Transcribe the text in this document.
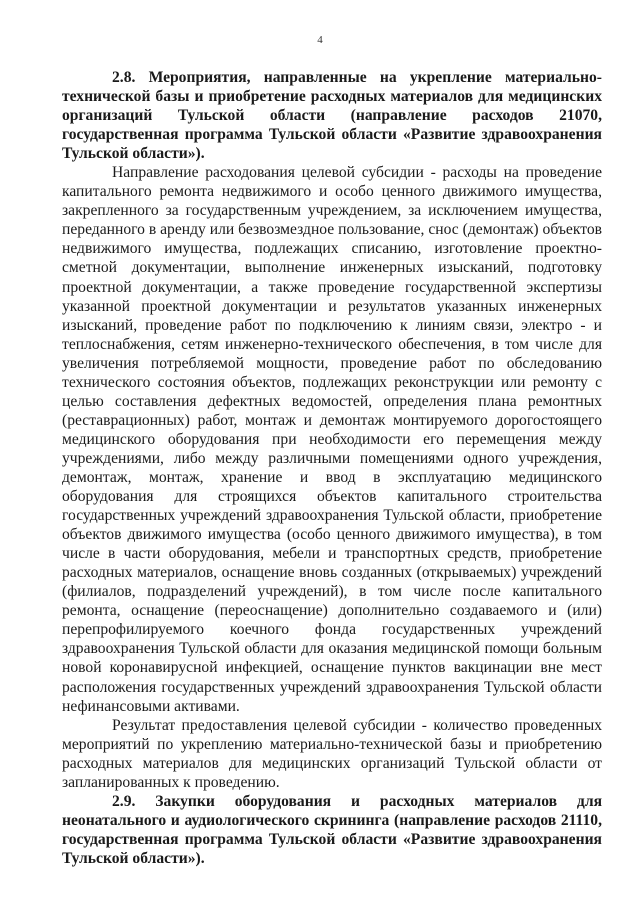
4

2.8. Мероприятия, направленные на укрепление материально-технической базы и приобретение расходных материалов для медицинских организаций Тульской области (направление расходов 21070, государственная программа Тульской области «Развитие здравоохранения Тульской области»).

Направление расходования целевой субсидии - расходы на проведение капитального ремонта недвижимого и особо ценного движимого имущества, закрепленного за государственным учреждением, за исключением имущества, переданного в аренду или безвозмездное пользование, снос (демонтаж) объектов недвижимого имущества, подлежащих списанию, изготовление проектно-сметной документации, выполнение инженерных изысканий, подготовку проектной документации, а также проведение государственной экспертизы указанной проектной документации и результатов указанных инженерных изысканий, проведение работ по подключению к линиям связи, электро - и теплоснабжения, сетям инженерно-технического обеспечения, в том числе для увеличения потребляемой мощности, проведение работ по обследованию технического состояния объектов, подлежащих реконструкции или ремонту с целью составления дефектных ведомостей, определения плана ремонтных (реставрационных) работ, монтаж и демонтаж монтируемого дорогостоящего медицинского оборудования при необходимости его перемещения между учреждениями, либо между различными помещениями одного учреждения, демонтаж, монтаж, хранение и ввод в эксплуатацию медицинского оборудования для строящихся объектов капитального строительства государственных учреждений здравоохранения Тульской области, приобретение объектов движимого имущества (особо ценного движимого имущества), в том числе в части оборудования, мебели и транспортных средств, приобретение расходных материалов, оснащение вновь созданных (открываемых) учреждений (филиалов, подразделений учреждений), в том числе после капитального ремонта, оснащение (переоснащение) дополнительно создаваемого и (или) перепрофилируемого коечного фонда государственных учреждений здравоохранения Тульской области для оказания медицинской помощи больным новой коронавирусной инфекцией, оснащение пунктов вакцинации вне мест расположения государственных учреждений здравоохранения Тульской области нефинансовыми активами.

Результат предоставления целевой субсидии - количество проведенных мероприятий по укреплению материально-технической базы и приобретению расходных материалов для медицинских организаций Тульской области от запланированных к проведению.

2.9. Закупки оборудования и расходных материалов для неонатального и аудиологического скрининга (направление расходов 21110, государственная программа Тульской области «Развитие здравоохранения Тульской области»).
